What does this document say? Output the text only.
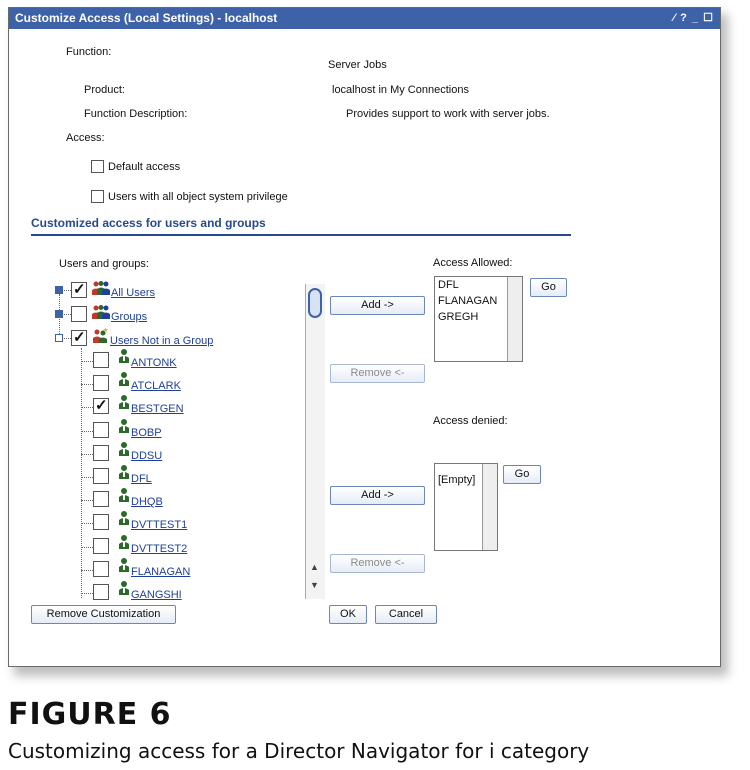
Customize Access (Local Settings) - localhost	⁄ ? _ ☐
Function:
Server Jobs
Product:	localhost in My Connections
Function Description:	Provides support to work with server jobs.
Access:
Default access
Users with all object system privilege
Customized access for users and groups
Users and groups:
✓
All Users
Groups
✓
★
Users Not in a Group
ANTONK
ATCLARK
✓
BESTGEN
BOBP
DDSU
DFL
DHQB
DVTTEST1
DVTTEST2
FLANAGAN
GANGSHI
▲
▼
Access Allowed:
DFL
FLANAGAN
GREGH
Go
Add ->
Remove <-
Access denied:
[Empty]	Go
Add ->
Remove <-
Remove Customization	OK	Cancel
FIGURE 6
Customizing access for a Director Navigator for i category
